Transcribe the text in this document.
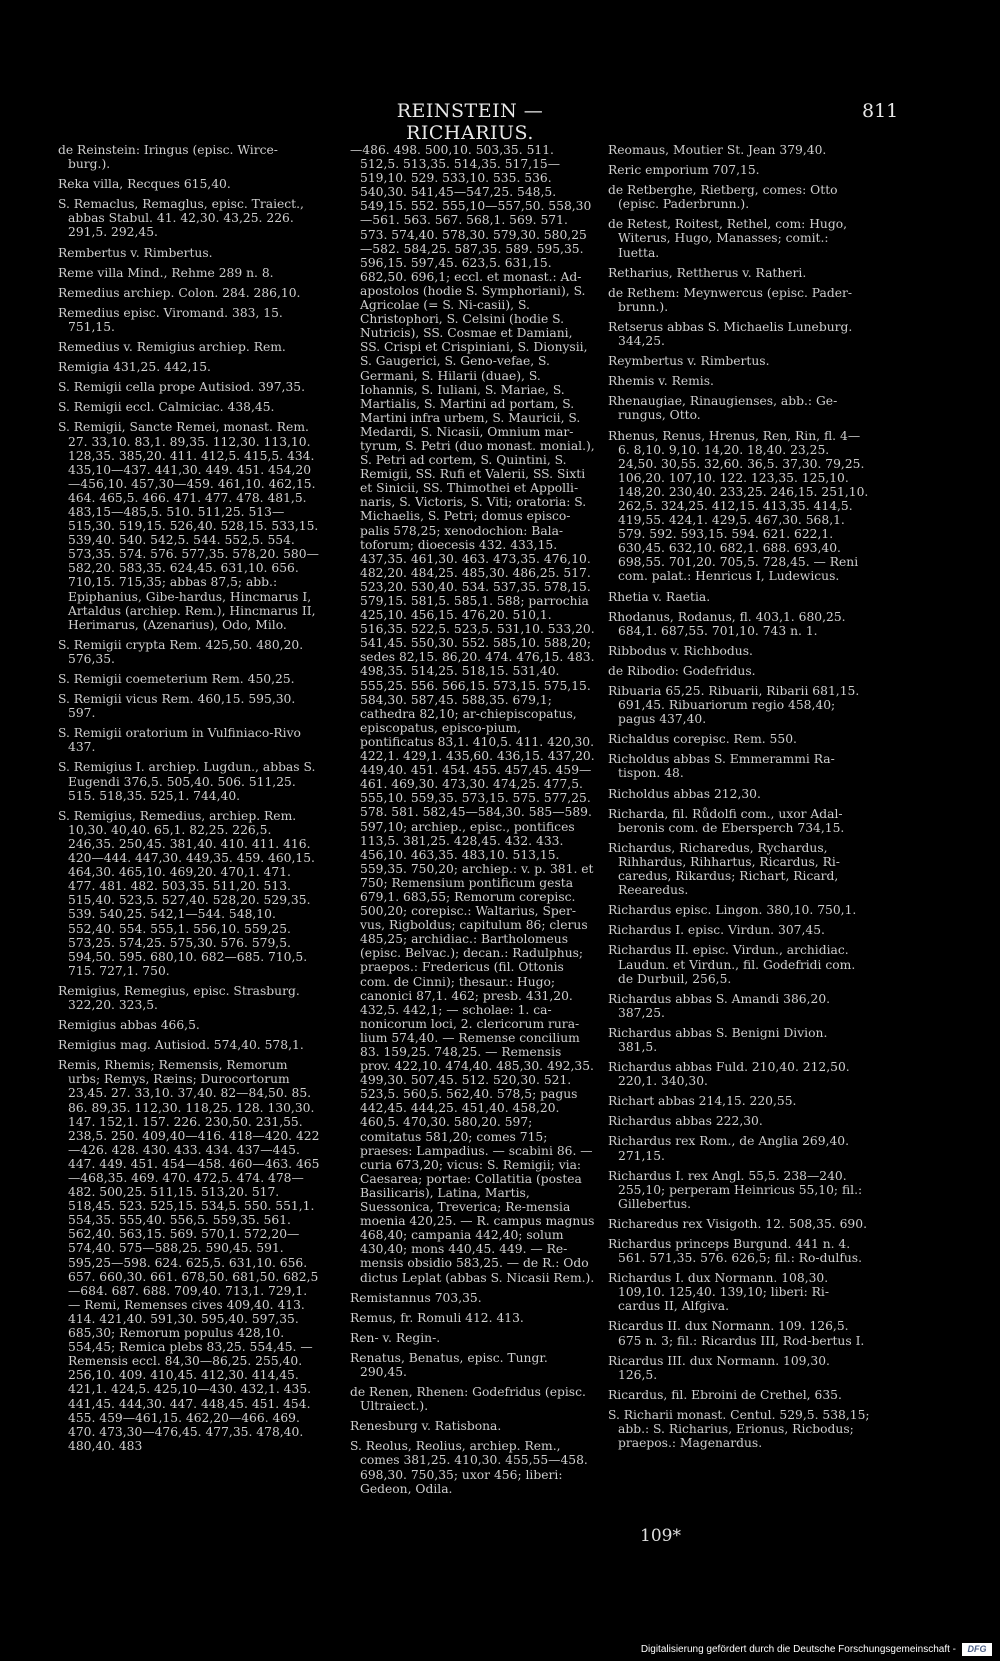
REINSTEIN — RICHARIUS.
811

de Reinstein: Iringus (episc. Wirce-burg.).

Reka villa, Recques 615,40.

S. Remaclus, Remaglus, episc. Traiect., abbas Stabul. 41. 42,30. 43,25. 226. 291,5. 292,45.

Rembertus v. Rimbertus.

Reme villa Mind., Rehme 289 n. 8.

Remedius archiep. Colon. 284. 286,10.

Remedius episc. Viromand. 383, 15. 751,15.

Remedius v. Remigius archiep. Rem.

Remigia 431,25. 442,15.

S. Remigii cella prope Autisiod. 397,35.

S. Remigii eccl. Calmiciac. 438,45.

S. Remigii, Sancte Remei, monast. Rem. 27. 33,10. 83,1. 89,35. 112,30. 113,10. 128,35. 385,20. 411. 412,5. 415,5. 434. 435,10—437. 441,30. 449. 451. 454,20—456,10. 457,30—459. 461,10. 462,15. 464. 465,5. 466. 471. 477. 478. 481,5. 483,15—485,5. 510. 511,25. 513—515,30. 519,15. 526,40. 528,15. 533,15. 539,40. 540. 542,5. 544. 552,5. 554. 573,35. 574. 576. 577,35. 578,20. 580—582,20. 583,35. 624,45. 631,10. 656. 710,15. 715,35; abbas 87,5; abb.: Epiphanius, Gibe-hardus, Hincmarus I, Artaldus (archiep. Rem.), Hincmarus II, Herimarus, (Azenarius), Odo, Milo.

S. Remigii crypta Rem. 425,50. 480,20. 576,35.

S. Remigii coemeterium Rem. 450,25.

S. Remigii vicus Rem. 460,15. 595,30. 597.

S. Remigii oratorium in Vulfiniaco-Rivo 437.

S. Remigius I. archiep. Lugdun., abbas S. Eugendi 376,5. 505,40. 506. 511,25. 515. 518,35. 525,1. 744,40.

S. Remigius, Remedius, archiep. Rem. 10,30. 40,40. 65,1. 82,25. 226,5. 246,35. 250,45. 381,40. 410. 411. 416. 420—444. 447,30. 449,35. 459. 460,15. 464,30. 465,10. 469,20. 470,1. 471. 477. 481. 482. 503,35. 511,20. 513. 515,40. 523,5. 527,40. 528,20. 529,35. 539. 540,25. 542,1—544. 548,10. 552,40. 554. 555,1. 556,10. 559,25. 573,25. 574,25. 575,30. 576. 579,5. 594,50. 595. 680,10. 682—685. 710,5. 715. 727,1. 750.

Remigius, Remegius, episc. Strasburg. 322,20. 323,5.

Remigius abbas 466,5.

Remigius mag. Autisiod. 574,40. 578,1.

Remis, Rhemis; Remensis, Remorum urbs; Remys, Ræins; Durocortorum 23,45. 27. 33,10. 37,40. 82—84,50. 85. 86. 89,35. 112,30. 118,25. 128. 130,30. 147. 152,1. 157. 226. 230,50. 231,55. 238,5. 250. 409,40—416. 418—420. 422—426. 428. 430. 433. 434. 437—445. 447. 449. 451. 454—458. 460—463. 465—468,35. 469. 470. 472,5. 474. 478—482. 500,25. 511,15. 513,20. 517. 518,45. 523. 525,15. 534,5. 550. 551,1. 554,35. 555,40. 556,5. 559,35. 561. 562,40. 563,15. 569. 570,1. 572,20—574,40. 575—588,25. 590,45. 591. 595,25—598. 624. 625,5. 631,10. 656. 657. 660,30. 661. 678,50. 681,50. 682,5—684. 687. 688. 709,40. 713,1. 729,1. — Remi, Remenses cives 409,40. 413. 414. 421,40. 591,30. 595,40. 597,35. 685,30; Remorum populus 428,10. 554,45; Remica plebs 83,25. 554,45. — Remensis eccl. 84,30—86,25. 255,40. 256,10. 409. 410,45. 412,30. 414,45. 421,1. 424,5. 425,10—430. 432,1. 435. 441,45. 444,30. 447. 448,45. 451. 454. 455. 459—461,15. 462,20—466. 469. 470. 473,30—476,45. 477,35. 478,40. 480,40. 483

—486. 498. 500,10. 503,35. 511. 512,5. 513,35. 514,35. 517,15—519,10. 529. 533,10. 535. 536. 540,30. 541,45—547,25. 548,5. 549,15. 552. 555,10—557,50. 558,30—561. 563. 567. 568,1. 569. 571. 573. 574,40. 578,30. 579,30. 580,25—582. 584,25. 587,35. 589. 595,35. 596,15. 597,45. 623,5. 631,15. 682,50. 696,1; eccl. et monast.: Ad-apostolos (hodie S. Symphoriani), S. Agricolae (= S. Ni-casii), S. Christophori, S. Celsini (hodie S. Nutricis), SS. Cosmae et Damiani, SS. Crispi et Crispiniani, S. Dionysii, S. Gaugerici, S. Geno-vefae, S. Germani, S. Hilarii (duae), S. Iohannis, S. Iuliani, S. Mariae, S. Martialis, S. Martini ad portam, S. Martini infra urbem, S. Mauricii, S. Medardi, S. Nicasii, Omnium mar-tyrum, S. Petri (duo monast. monial.), S. Petri ad cortem, S. Quintini, S. Remigii, SS. Rufi et Valerii, SS. Sixti et Sinicii, SS. Thimothei et Appolli-naris, S. Victoris, S. Viti; oratoria: S. Michaelis, S. Petri; domus episco-palis 578,25; xenodochion: Bala-toforum; dioecesis 432. 433,15. 437,35. 461,30. 463. 473,35. 476,10. 482,20. 484,25. 485,30. 486,25. 517. 523,20. 530,40. 534. 537,35. 578,15. 579,15. 581,5. 585,1. 588; parrochia 425,10. 456,15. 476,20. 510,1. 516,35. 522,5. 523,5. 531,10. 533,20. 541,45. 550,30. 552. 585,10. 588,20; sedes 82,15. 86,20. 474. 476,15. 483. 498,35. 514,25. 518,15. 531,40. 555,25. 556. 566,15. 573,15. 575,15. 584,30. 587,45. 588,35. 679,1; cathedra 82,10; ar-chiepiscopatus, episcopatus, episco-pium, pontificatus 83,1. 410,5. 411. 420,30. 422,1. 429,1. 435,60. 436,15. 437,20. 449,40. 451. 454. 455. 457,45. 459—461. 469,30. 473,30. 474,25. 477,5. 555,10. 559,35. 573,15. 575. 577,25. 578. 581. 582,45—584,30. 585—589. 597,10; archiep., episc., pontifices 113,5. 381,25. 428,45. 432. 433. 456,10. 463,35. 483,10. 513,15. 559,35. 750,20; archiep.: v. p. 381. et 750; Remensium pontificum gesta 679,1. 683,55; Remorum corepisc. 500,20; corepisc.: Waltarius, Sper-vus, Rigboldus; capitulum 86; clerus 485,25; archidiac.: Bartholomeus (episc. Belvac.); decan.: Radulphus; praepos.: Fredericus (fil. Ottonis com. de Cinni); thesaur.: Hugo; canonici 87,1. 462; presb. 431,20. 432,5. 442,1; — scholae: 1. ca-nonicorum loci, 2. clericorum rura-lium 574,40. — Remense concilium 83. 159,25. 748,25. — Remensis prov. 422,10. 474,40. 485,30. 492,35. 499,30. 507,45. 512. 520,30. 521. 523,5. 560,5. 562,40. 578,5; pagus 442,45. 444,25. 451,40. 458,20. 460,5. 470,30. 580,20. 597; comitatus 581,20; comes 715; praeses: Lampadius. — scabini 86. — curia 673,20; vicus: S. Remigii; via: Caesarea; portae: Collatitia (postea Basilicaris), Latina, Martis, Suessonica, Treverica; Re-mensia moenia 420,25. — R. campus magnus 468,40; campania 442,40; solum 430,40; mons 440,45. 449. — Re-mensis obsidio 583,25. — de R.: Odo dictus Leplat (abbas S. Nicasii Rem.).

Remistannus 703,35.

Remus, fr. Romuli 412. 413.

Ren- v. Regin-.

Renatus, Benatus, episc. Tungr. 290,45.

de Renen, Rhenen: Godefridus (episc. Ultraiect.).

Renesburg v. Ratisbona.

S. Reolus, Reolius, archiep. Rem., comes 381,25. 410,30. 455,55—458. 698,30. 750,35; uxor 456; liberi: Gedeon, Odila.

Reomaus, Moutier St. Jean 379,40.

Reric emporium 707,15.

de Retberghe, Rietberg, comes: Otto (episc. Paderbrunn.).

de Retest, Roitest, Rethel, com: Hugo, Witerus, Hugo, Manasses; comit.: Iuetta.

Retharius, Rettherus v. Ratheri.

de Rethem: Meynwercus (episc. Pader-brunn.).

Retserus abbas S. Michaelis Luneburg. 344,25.

Reymbertus v. Rimbertus.

Rhemis v. Remis.

Rhenaugiae, Rinaugienses, abb.: Ge-rungus, Otto.

Rhenus, Renus, Hrenus, Ren, Rin, fl. 4—6. 8,10. 9,10. 14,20. 18,40. 23,25. 24,50. 30,55. 32,60. 36,5. 37,30. 79,25. 106,20. 107,10. 122. 123,35. 125,10. 148,20. 230,40. 233,25. 246,15. 251,10. 262,5. 324,25. 412,15. 413,35. 414,5. 419,55. 424,1. 429,5. 467,30. 568,1. 579. 592. 593,15. 594. 621. 622,1. 630,45. 632,10. 682,1. 688. 693,40. 698,55. 701,20. 705,5. 728,45. — Reni com. palat.: Henricus I, Ludewicus.

Rhetia v. Raetia.

Rhodanus, Rodanus, fl. 403,1. 680,25. 684,1. 687,55. 701,10. 743 n. 1.

Ribbodus v. Richbodus.

de Ribodio: Godefridus.

Ribuaria 65,25. Ribuarii, Ribarii 681,15. 691,45. Ribuariorum regio 458,40; pagus 437,40.

Richaldus corepisc. Rem. 550.

Richoldus abbas S. Emmerammi Ra-tispon. 48.

Richoldus abbas 212,30.

Richarda, fil. Růdolfi com., uxor Adal-beronis com. de Ebersperch 734,15.

Richardus, Richaredus, Rychardus, Rihhardus, Rihhartus, Ricardus, Ri-caredus, Rikardus; Richart, Ricard, Reearedus.

Richardus episc. Lingon. 380,10. 750,1.

Richardus I. episc. Virdun. 307,45.

Richardus II. episc. Virdun., archidiac. Laudun. et Virdun., fil. Godefridi com. de Durbuil, 256,5.

Richardus abbas S. Amandi 386,20. 387,25.

Richardus abbas S. Benigni Divion. 381,5.

Richardus abbas Fuld. 210,40. 212,50. 220,1. 340,30.

Richart abbas 214,15. 220,55.

Richardus abbas 222,30.

Richardus rex Rom., de Anglia 269,40. 271,15.

Richardus I. rex Angl. 55,5. 238—240. 255,10; perperam Heinricus 55,10; fil.: Gillebertus.

Richaredus rex Visigoth. 12. 508,35. 690.

Richardus princeps Burgund. 441 n. 4. 561. 571,35. 576. 626,5; fil.: Ro-dulfus.

Richardus I. dux Normann. 108,30. 109,10. 125,40. 139,10; liberi: Ri-cardus II, Alfgiva.

Ricardus II. dux Normann. 109. 126,5. 675 n. 3; fil.: Ricardus III, Rod-bertus I.

Ricardus III. dux Normann. 109,30. 126,5.

Ricardus, fil. Ebroini de Crethel, 635.

S. Richarii monast. Centul. 529,5. 538,15; abb.: S. Richarius, Erionus, Ricbodus; praepos.: Magenardus.

109*
Digitalisierung gefördert durch die Deutsche Forschungsgemeinschaft -	DFG
